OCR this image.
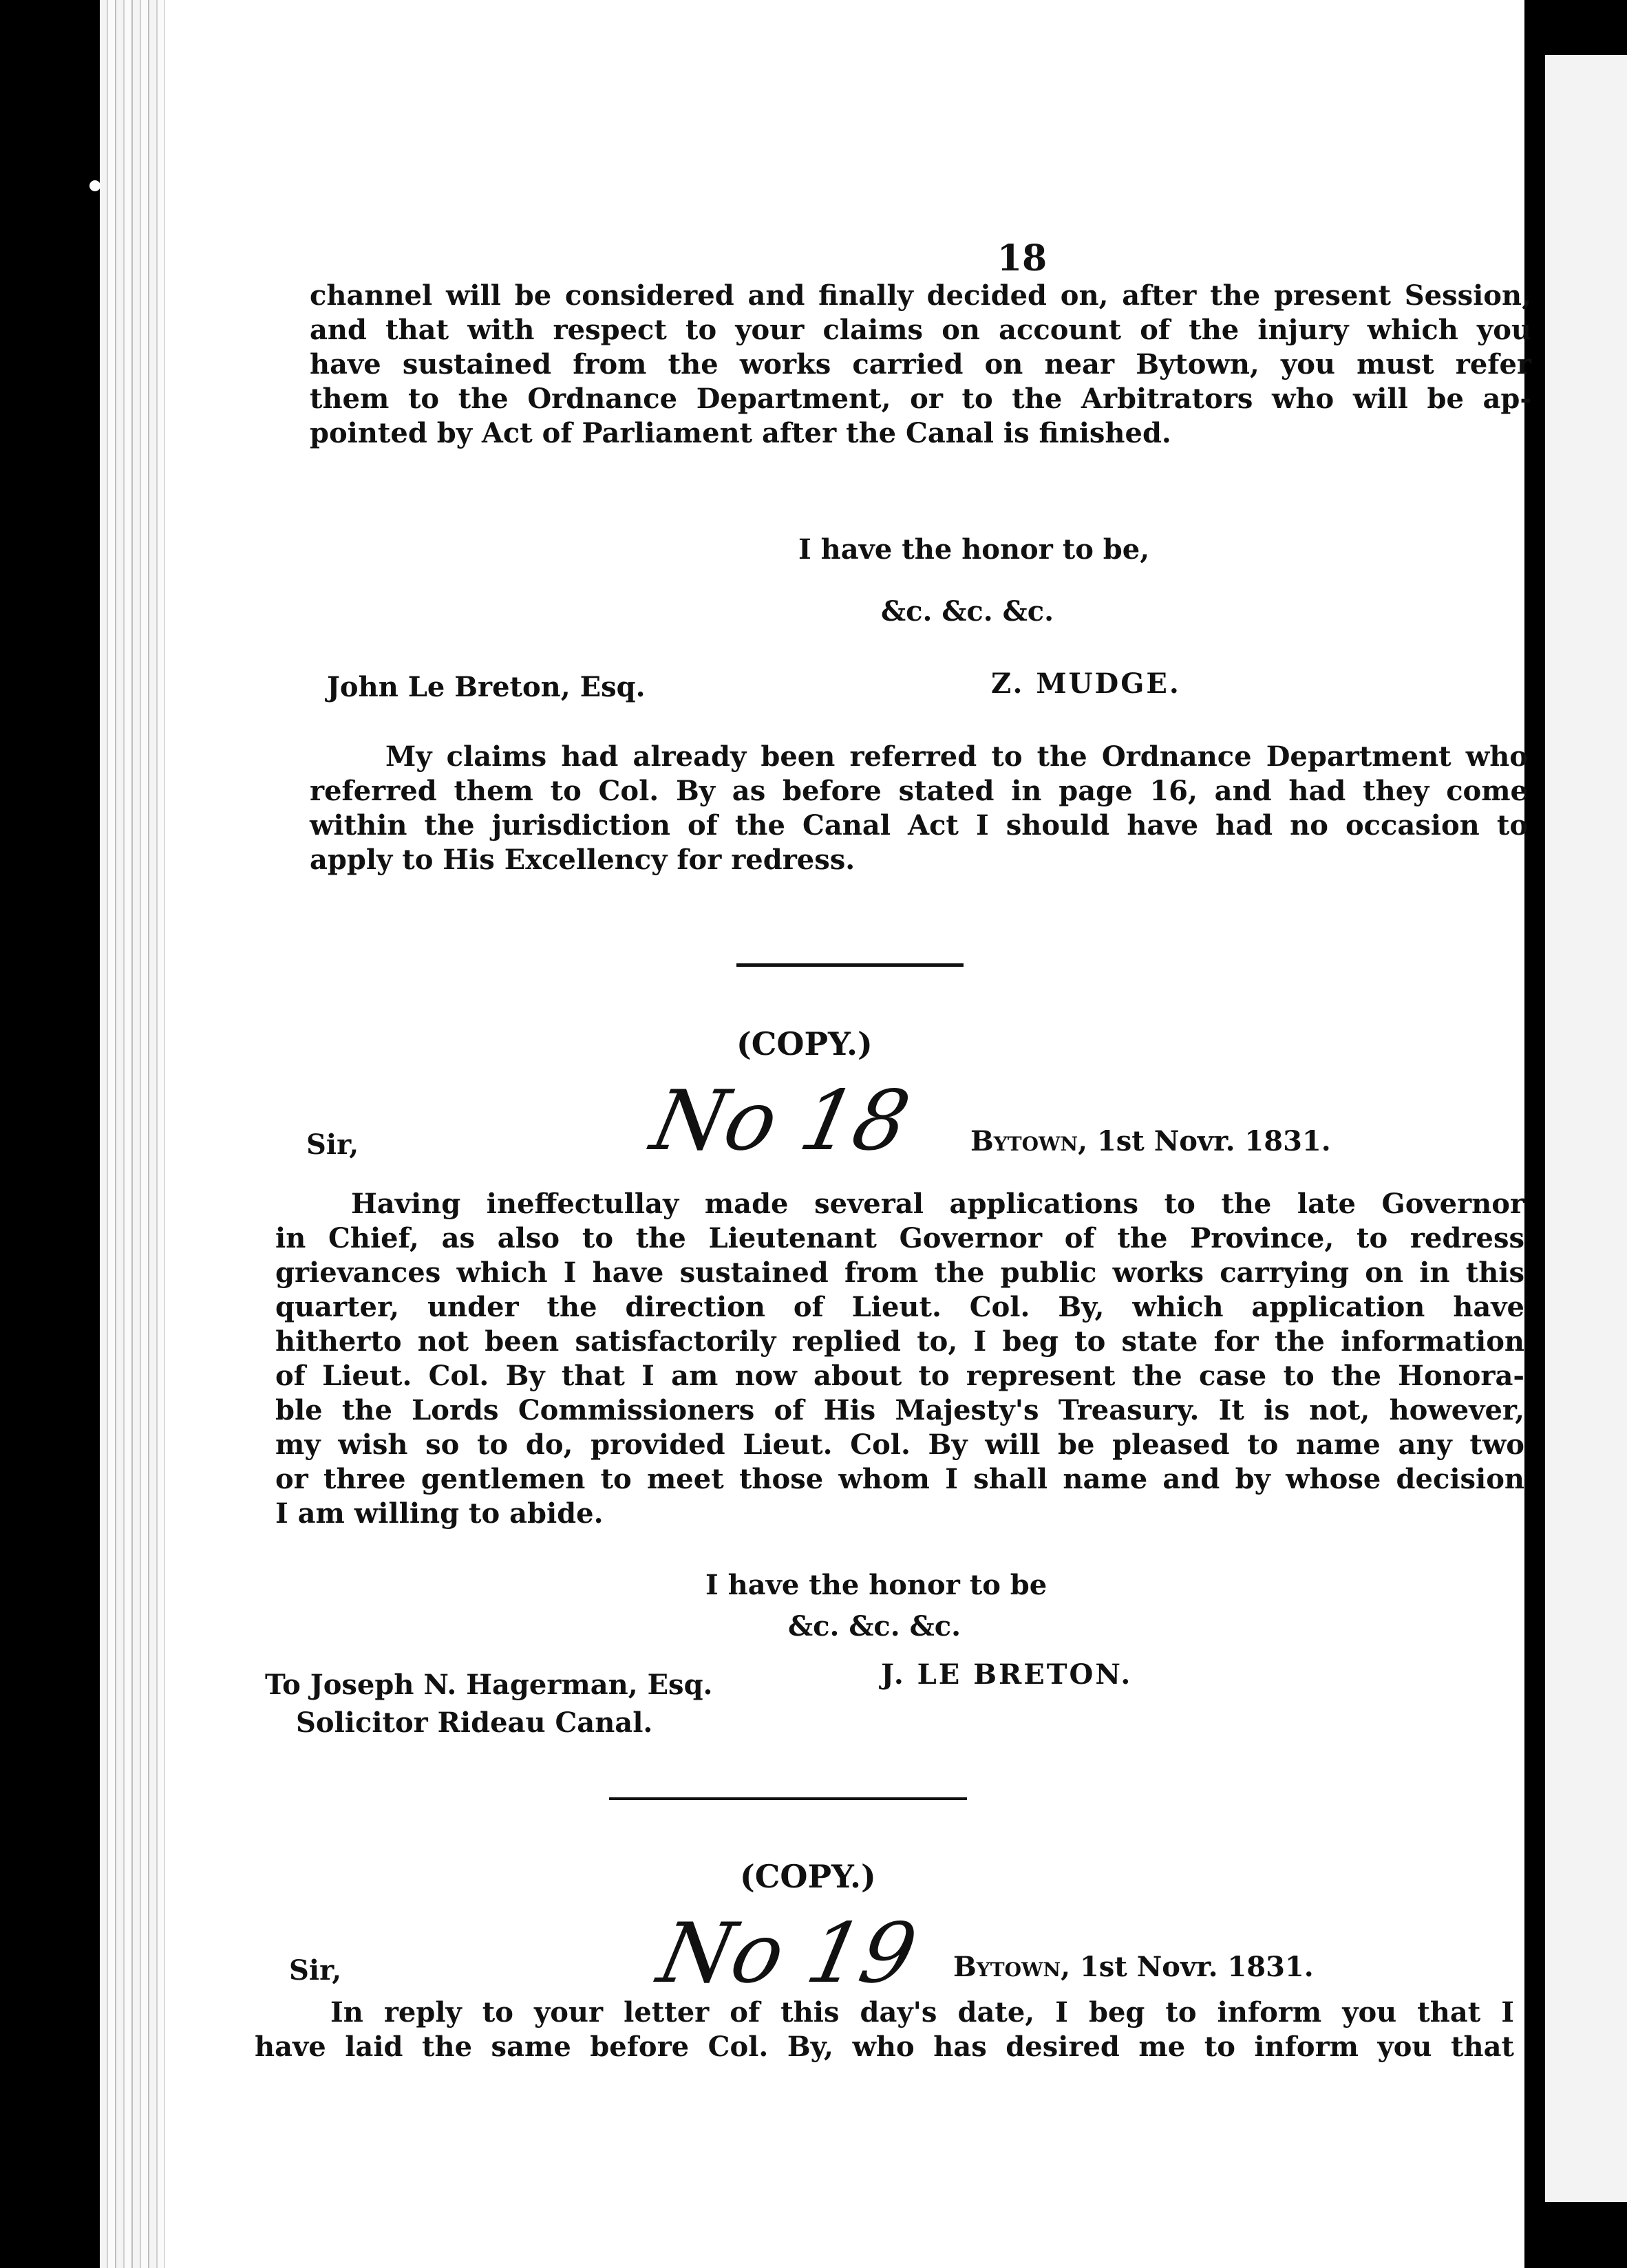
18
channel will be considered and finally decided on, after the present Session,
and that with respect to your claims on account of the injury which you
have sustained from the works carried on near Bytown, you must refer
them to the Ordnance Department, or to the Arbitrators who will be ap-
pointed by Act of Parliament after the Canal is finished.
I have the honor to be,
&c. &c. &c.
John Le Breton, Esq.	Z. MUDGE.
My claims had already been referred to the Ordnance Department who
referred them to Col. By as before stated in page 16, and had they come
within the jurisdiction of the Canal Act I should have had no occasion to
apply to His Excellency for redress.
(COPY.)
No 18
Sir,	Bytown, 1st Novr. 1831.
Having ineffectullay made several applications to the late Governor
in Chief, as also to the Lieutenant Governor of the Province, to redress
grievances which I have sustained from the public works carrying on in this
quarter, under the direction of Lieut. Col. By, which application have
hitherto not been satisfactorily replied to, I beg to state for the information
of Lieut. Col. By that I am now about to represent the case to the Honora-
ble the Lords Commissioners of His Majesty's Treasury. It is not, however,
my wish so to do, provided Lieut. Col. By will be pleased to name any two
or three gentlemen to meet those whom I shall name and by whose decision
I am willing to abide.
I have the honor to be
&c. &c. &c.
J. LE BRETON.
To Joseph N. Hagerman, Esq.
Solicitor Rideau Canal.
(COPY.)
No 19
Sir,	Bytown, 1st Novr. 1831.
In reply to your letter of this day's date, I beg to inform you that I
have laid the same before Col. By, who has desired me to inform you that
